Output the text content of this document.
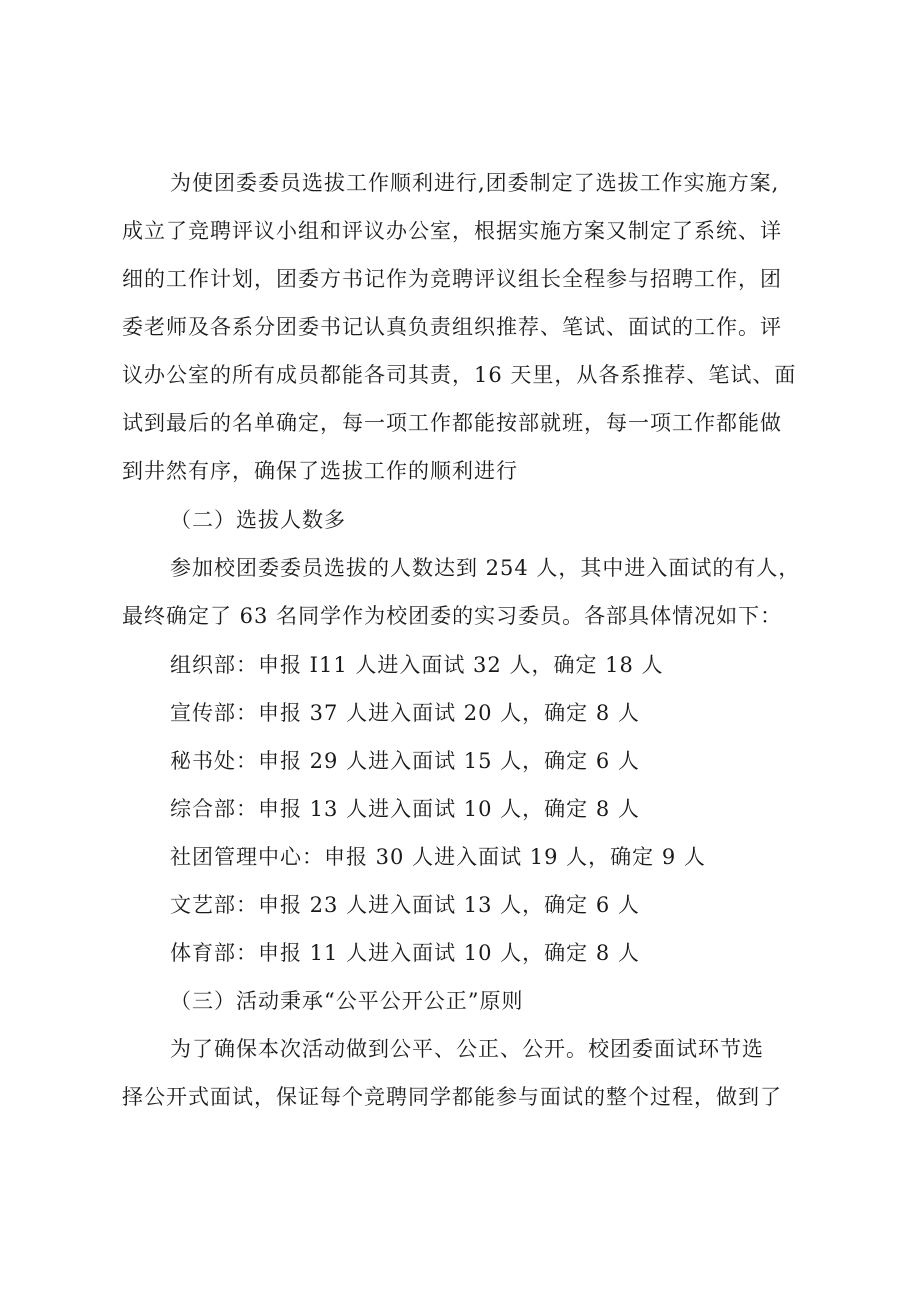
为使团委委员选拔工作顺利进行,团委制定了选拔工作实施方案,
成立了竞聘评议小组和评议办公室，根据实施方案又制定了系统、详
细的工作计划，团委方书记作为竞聘评议组长全程参与招聘工作，团
委老师及各系分团委书记认真负责组织推荐、笔试、面试的工作。评
议办公室的所有成员都能各司其责，16 天里，从各系推荐、笔试、面
试到最后的名单确定，每一项工作都能按部就班，每一项工作都能做
到井然有序，确保了选拔工作的顺利进行
（二）选拔人数多
参加校团委委员选拔的人数达到 254 人，其中进入面试的有人，
最终确定了 63 名同学作为校团委的实习委员。各部具体情况如下：
组织部：申报 I11 人进入面试 32 人，确定 18 人
宣传部：申报 37 人进入面试 20 人，确定 8 人
秘书处：申报 29 人进入面试 15 人，确定 6 人
综合部：申报 13 人进入面试 10 人，确定 8 人
社团管理中心：申报 30 人进入面试 19 人，确定 9 人
文艺部：申报 23 人进入面试 13 人，确定 6 人
体育部：申报 11 人进入面试 10 人，确定 8 人
（三）活动秉承“公平公开公正”原则
为了确保本次活动做到公平、公正、公开。校团委面试环节选
择公开式面试，保证每个竞聘同学都能参与面试的整个过程，做到了
